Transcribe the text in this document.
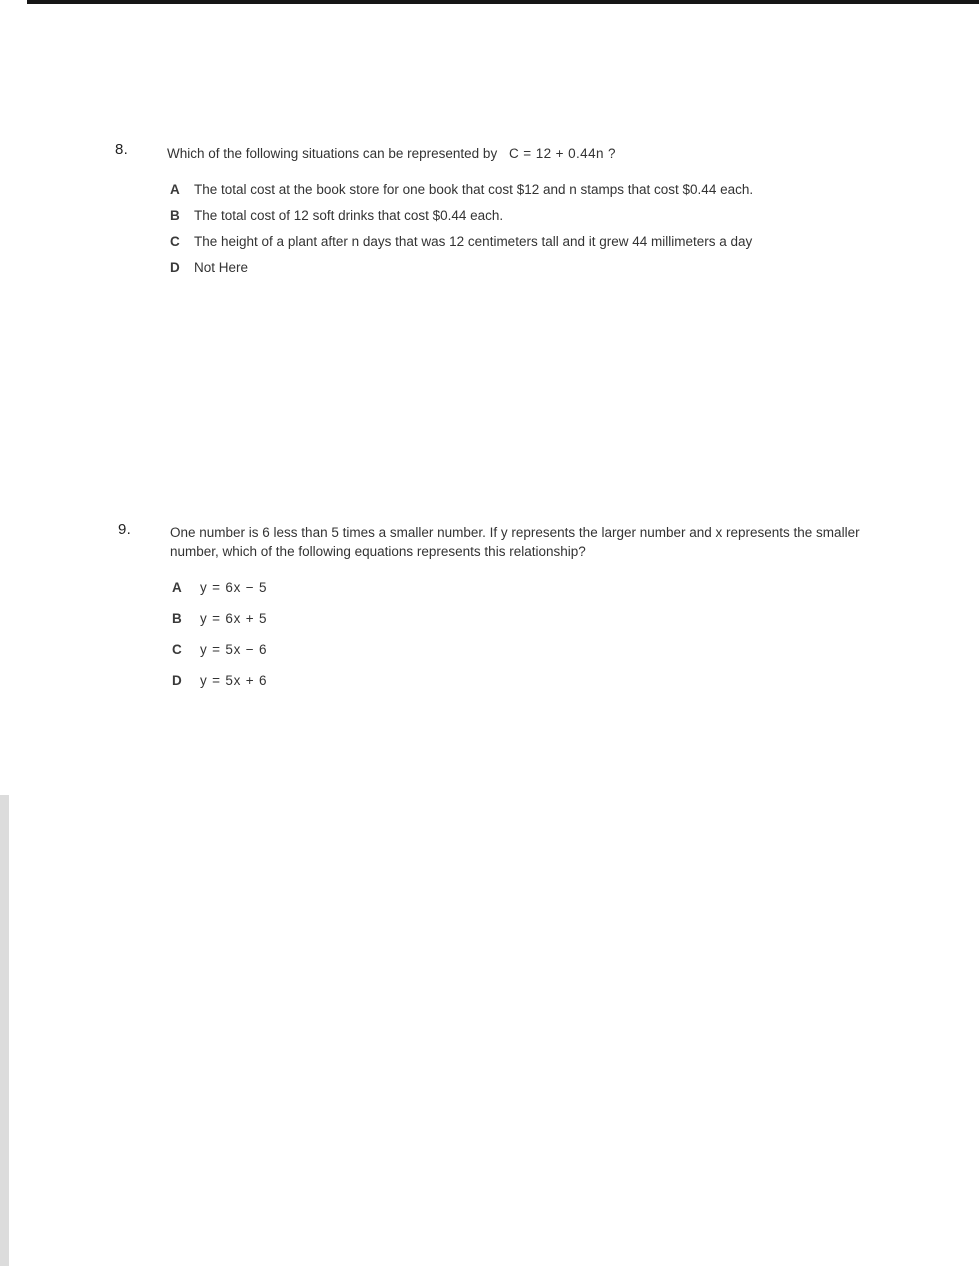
8.	Which of the following situations can be represented by C = 12 + 0.44n ?
A	The total cost at the book store for one book that cost $12 and n stamps that cost $0.44 each.
B	The total cost of 12 soft drinks that cost $0.44 each.
C	The height of a plant after n days that was 12 centimeters tall and it grew 44 millimeters a day
D	Not Here
9.	One number is 6 less than 5 times a smaller number. If y represents the larger number and x represents the smaller number, which of the following equations represents this relationship?
A	y = 6x − 5
B	y = 6x + 5
C	y = 5x − 6
D	y = 5x + 6
